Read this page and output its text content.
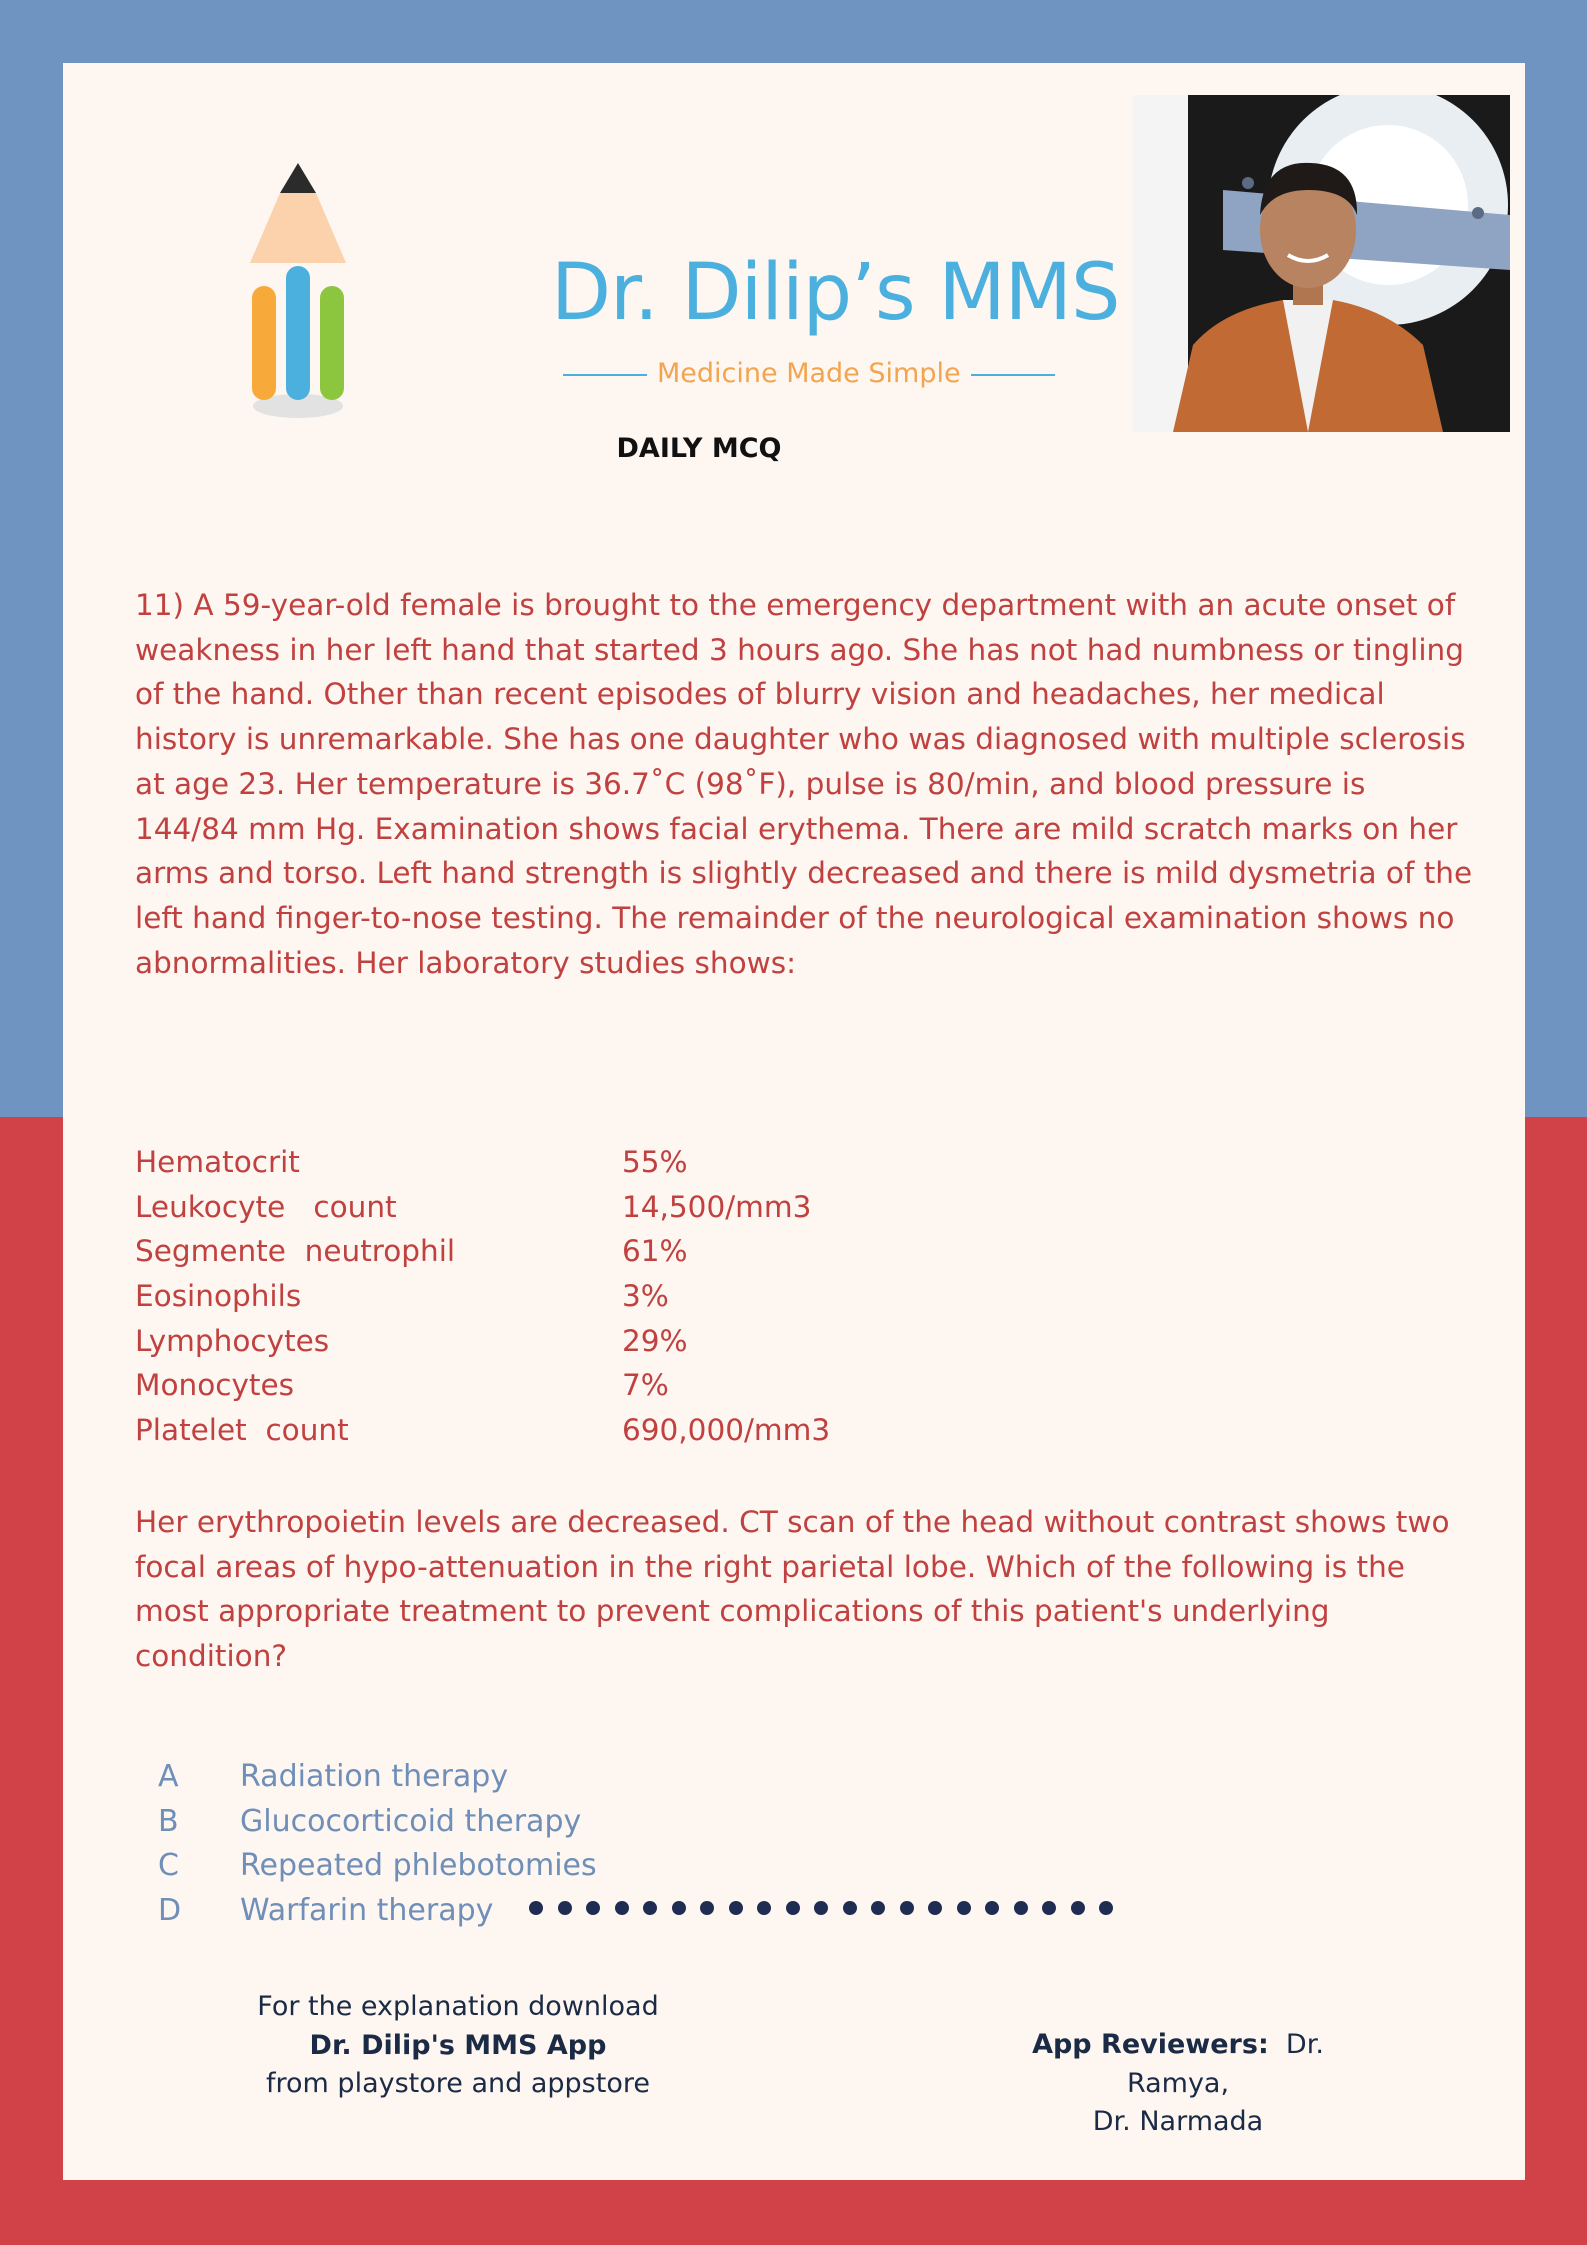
Dr. Dilip’s MMS
Medicine Made Simple
DAILY MCQ

11) A 59-year-old female is brought to the emergency department with an acute onset of weakness in her left hand that started 3 hours ago. She has not had numbness or tingling of the hand. Other than recent episodes of blurry vision and headaches, her medical history is unremarkable. She has one daughter who was diagnosed with multiple sclerosis at age 23. Her temperature is 36.7˚C (98˚F), pulse is 80/min, and blood pressure is 144/84 mm Hg. Examination shows facial erythema. There are mild scratch marks on her arms and torso. Left hand strength is slightly decreased and there is mild dysmetria of the left hand finger-to-nose testing. The remainder of the neurological examination shows no abnormalities. Her laboratory studies shows:

Hematocrit	55%
Leukocyte   count	14,500/mm3
Segmente  neutrophil	61%
Eosinophils	3%
Lymphocytes	29%
Monocytes	7%
Platelet  count	690,000/mm3

Her erythropoietin levels are decreased. CT scan of the head without contrast shows two focal areas of hypo-attenuation in the right parietal lobe. Which of the following is the most appropriate treatment to prevent complications of this patient's underlying condition?

A Radiation therapy
B Glucocorticoid therapy
C Repeated phlebotomies
D Warfarin therapy
For the explanation download

Dr. Dilip's MMS App
from playstore and appstore
App Reviewers: Dr. Ramya,
Dr. Narmada
